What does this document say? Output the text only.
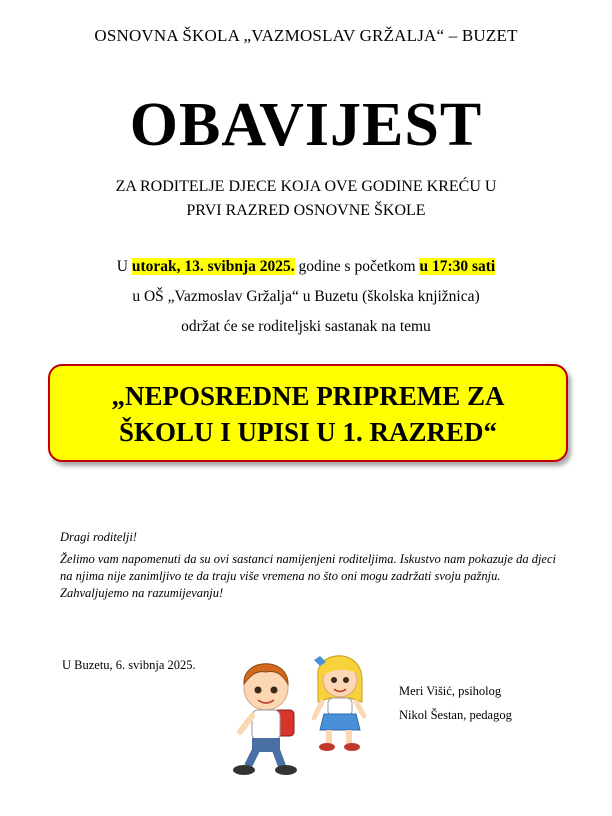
OSNOVNA ŠKOLA „VAZMOSLAV GRŽALJA“ – BUZET
OBAVIJEST
ZA RODITELJE DJECE KOJA OVE GODINE KREĆU U
PRVI RAZRED OSNOVNE ŠKOLE
U utorak, 13. svibnja 2025. godine s početkom u 17:30 sati
u OŠ „Vazmoslav Gržalja“ u Buzetu (školska knjižnica)
održat će se roditeljski sastanak na temu
„NEPOSREDNE PRIPREME ZA
ŠKOLU I UPISI U 1. RAZRED“
Dragi roditelji!
Želimo vam napomenuti da su ovi sastanci namijenjeni roditeljima. Iskustvo nam pokazuje da djeci na njima nije zanimljivo te da traju više vremena no što oni mogu zadržati svoju pažnju. Zahvaljujemo na razumijevanju!
U Buzetu, 6. svibnja 2025.
Meri Višić, psiholog
Nikol Šestan, pedagog
